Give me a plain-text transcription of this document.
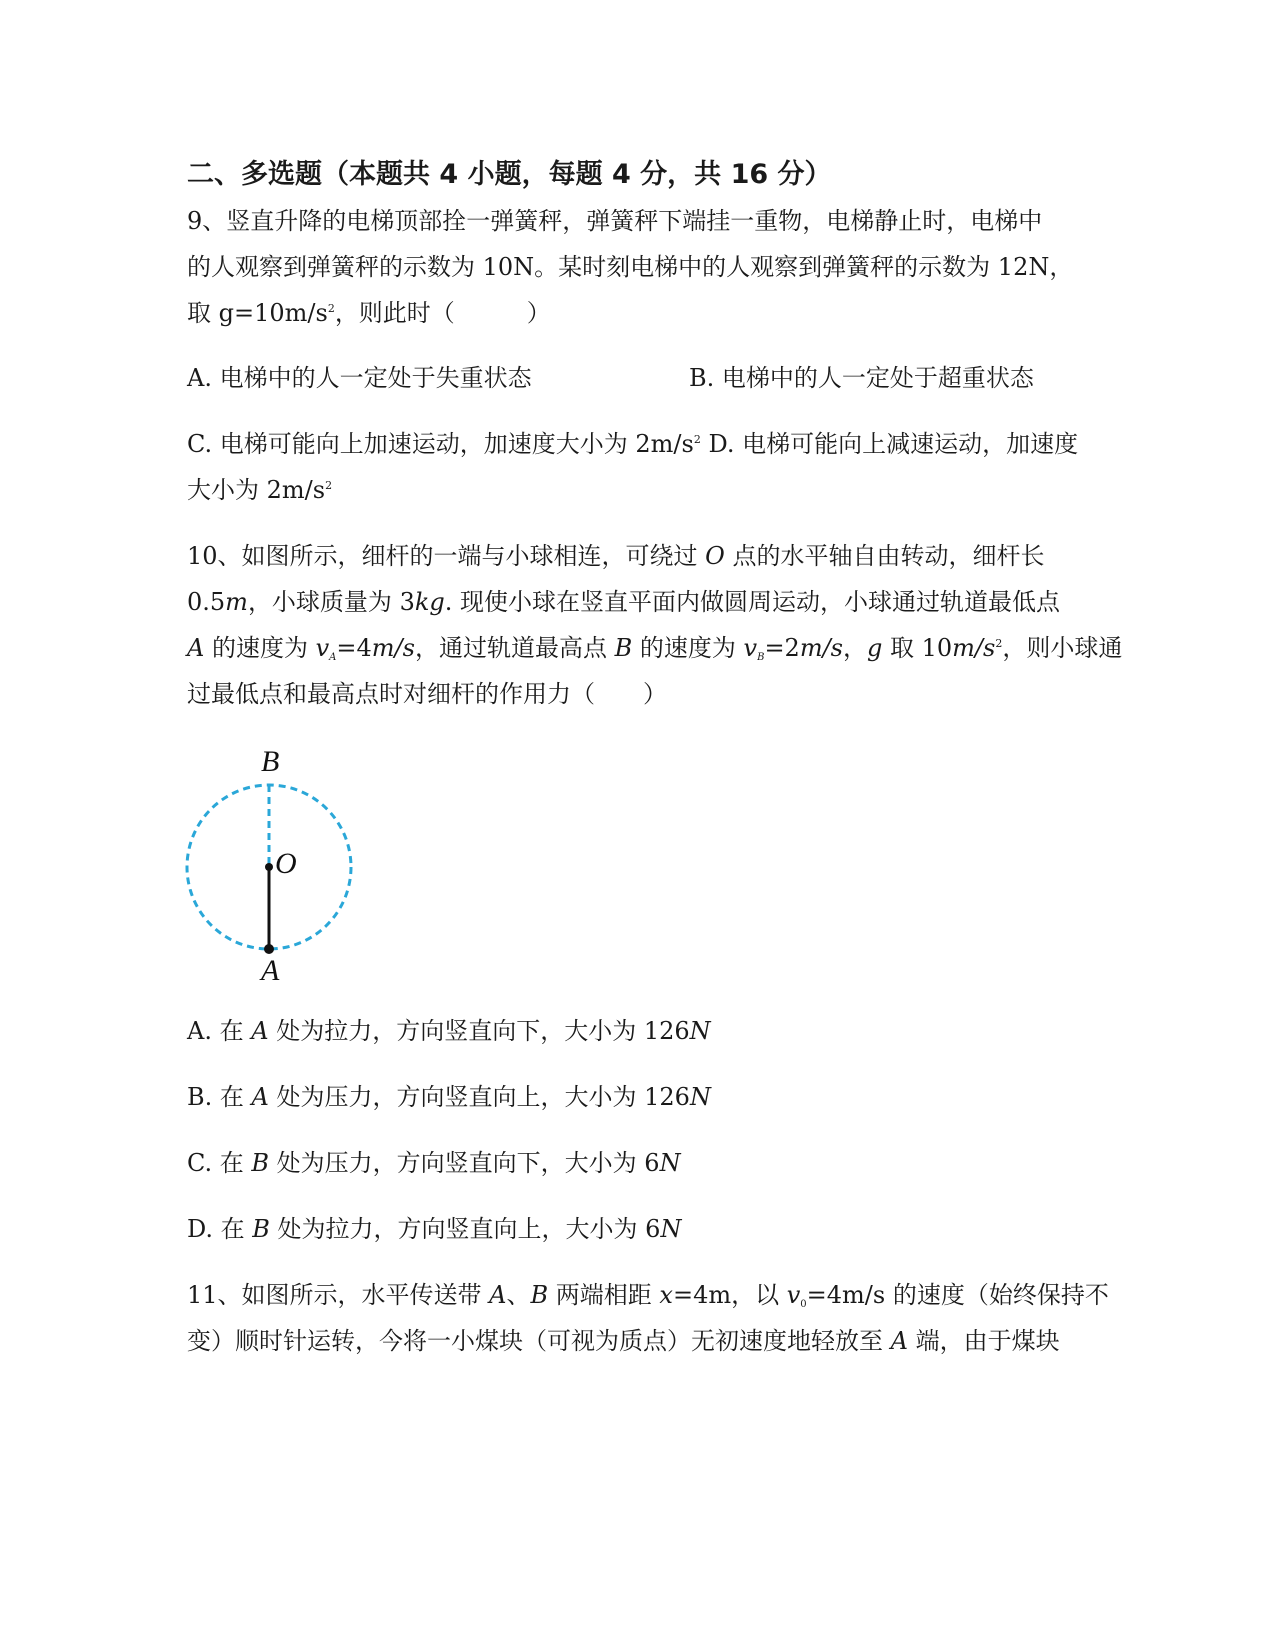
二、多选题（本题共 4 小题，每题 4 分，共 16 分）
9、竖直升降的电梯顶部拴一弹簧秤，弹簧秤下端挂一重物，电梯静止时，电梯中
的人观察到弹簧秤的示数为 10N。某时刻电梯中的人观察到弹簧秤的示数为 12N，
取 $g=10m/s^2$，则此时（　　　）
A. 电梯中的人一定处于失重状态	B. 电梯中的人一定处于超重状态
C. 电梯可能向上加速运动，加速度大小为 $2m/s^2$ D. 电梯可能向上减速运动，加速度
大小为 $2m/s^2$
10、如图所示，细杆的一端与小球相连，可绕过 O 点的水平轴自由转动，细杆长
0.5m，小球质量为 3kg. 现使小球在竖直平面内做圆周运动，小球通过轨道最低点
A 的速度为 $v_A=4m/s$，通过轨道最高点 B 的速度为 $v_B=2m/s$，g 取 $10m/s^2$，则小球通
过最低点和最高点时对细杆的作用力（　　）
A. 在 A 处为拉力，方向竖直向下，大小为 126N
B. 在 A 处为压力，方向竖直向上，大小为 126N
C. 在 B 处为压力，方向竖直向下，大小为 6N
D. 在 B 处为拉力，方向竖直向上，大小为 6N
11、如图所示，水平传送带 A、B 两端相距 x=4m，以 $v_0=4m/s$ 的速度（始终保持不
变）顺时针运转，今将一小煤块（可视为质点）无初速度地轻放至 A 端，由于煤块
B
O
A
